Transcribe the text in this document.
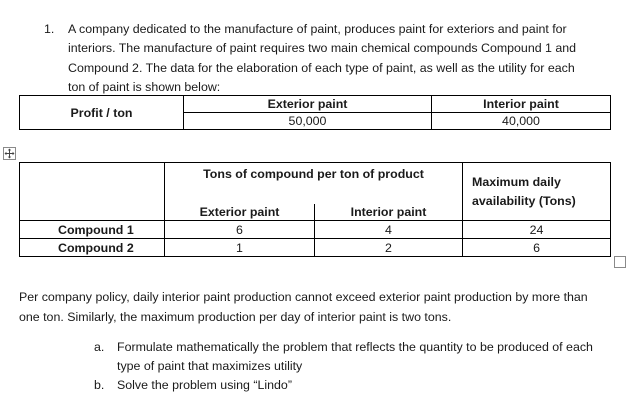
1. A company dedicated to the manufacture of paint, produces paint for exteriors and paint for interiors. The manufacture of paint requires two main chemical compounds Compound 1 and Compound 2. The data for the elaboration of each type of paint, as well as the utility for each ton of paint is shown below:
Profit / ton	Exterior paint	Interior paint
	50,000	40,000
	Tons of compound per ton of product		Maximum daily availability (Tons)
	Exterior paint	Interior paint	
Compound 1	6	4	24
Compound 2	1	2	6
Per company policy, daily interior paint production cannot exceed exterior paint production by more than one ton. Similarly, the maximum production per day of interior paint is two tons.
a. Formulate mathematically the problem that reflects the quantity to be produced of each type of paint that maximizes utility
b. Solve the problem using “Lindo”
